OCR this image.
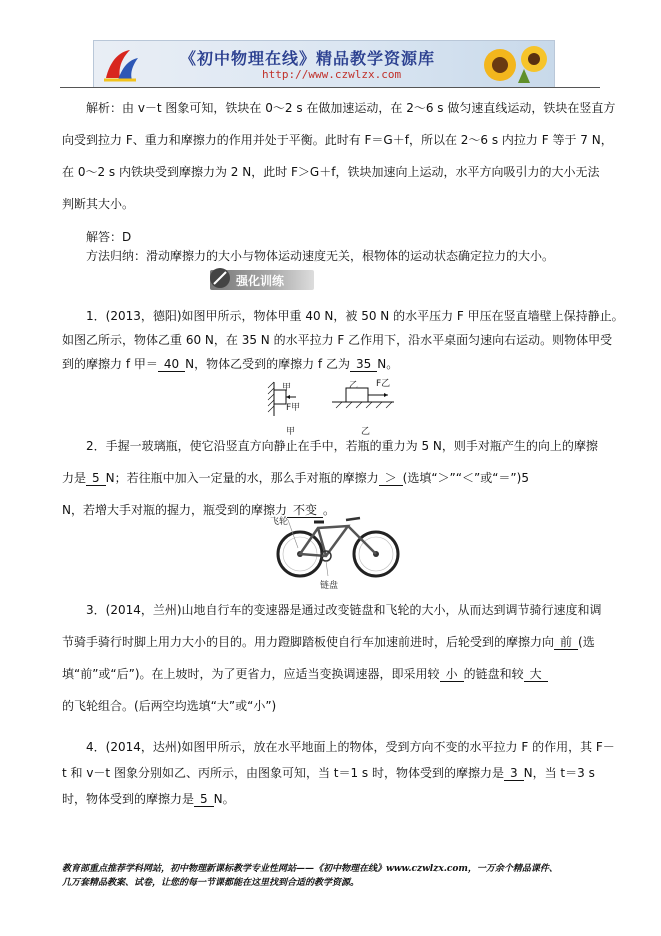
《初中物理在线》精品教学资源库
http://www.czwlzx.com
解析：由 v－t 图象可知，铁块在 0～2 s 在做加速运动，在 2～6 s 做匀速直线运动，铁块在竖直方
向受到拉力 F、重力和摩擦力的作用并处于平衡。此时有 F＝G＋f，所以在 2～6 s 内拉力 F 等于 7 N，
在 0～2 s 内铁块受到摩擦力为 2 N，此时 F＞G＋f，铁块加速向上运动，水平方向吸引力的大小无法
判断其大小。
解答：D
方法归纳：滑动摩擦力的大小与物体运动速度无关，根物体的运动状态确定拉力的大小。
强化训练
1．(2013，德阳)如图甲所示，物体甲重 40 N，被 50 N 的水平压力 F 甲压在竖直墙壁上保持静止。
如图乙所示，物体乙重 60 N，在 35 N 的水平拉力 F 乙作用下，沿水平桌面匀速向右运动。则物体甲受
到的摩擦力 f 甲＝ 40 N，物体乙受到的摩擦力 f 乙为 35 N。
甲
F甲
乙 F乙
甲	乙
2．手握一玻璃瓶，使它沿竖直方向静止在手中，若瓶的重力为 5 N，则手对瓶产生的向上的摩擦
力是 5 N；若往瓶中加入一定量的水，那么手对瓶的摩擦力 ＞ (选填“＞”“＜”或“＝”)5
N，若增大手对瓶的握力，瓶受到的摩擦力 不变 。
飞轮
链盘
3．(2014，兰州)山地自行车的变速器是通过改变链盘和飞轮的大小，从而达到调节骑行速度和调
节骑手骑行时脚上用力大小的目的。用力蹬脚踏板使自行车加速前进时，后轮受到的摩擦力向 前 (选
填“前”或“后”)。在上坡时，为了更省力，应适当变换调速器，即采用较 小 的链盘和较 大
的飞轮组合。(后两空均选填“大”或“小”)
4．(2014，达州)如图甲所示，放在水平地面上的物体，受到方向不变的水平拉力 F 的作用，其 F－
t 和 v－t 图象分别如乙、丙所示，由图象可知，当 t＝1 s 时，物体受到的摩擦力是 3 N，当 t＝3 s
时，物体受到的摩擦力是 5 N。
教育部重点推荐学科网站，初中物理新课标教学专业性网站——《初中物理在线》www.czwlzx.com，一万余个精品课件、
几万套精品教案、试卷，让您的每一节课都能在这里找到合适的教学资源。
